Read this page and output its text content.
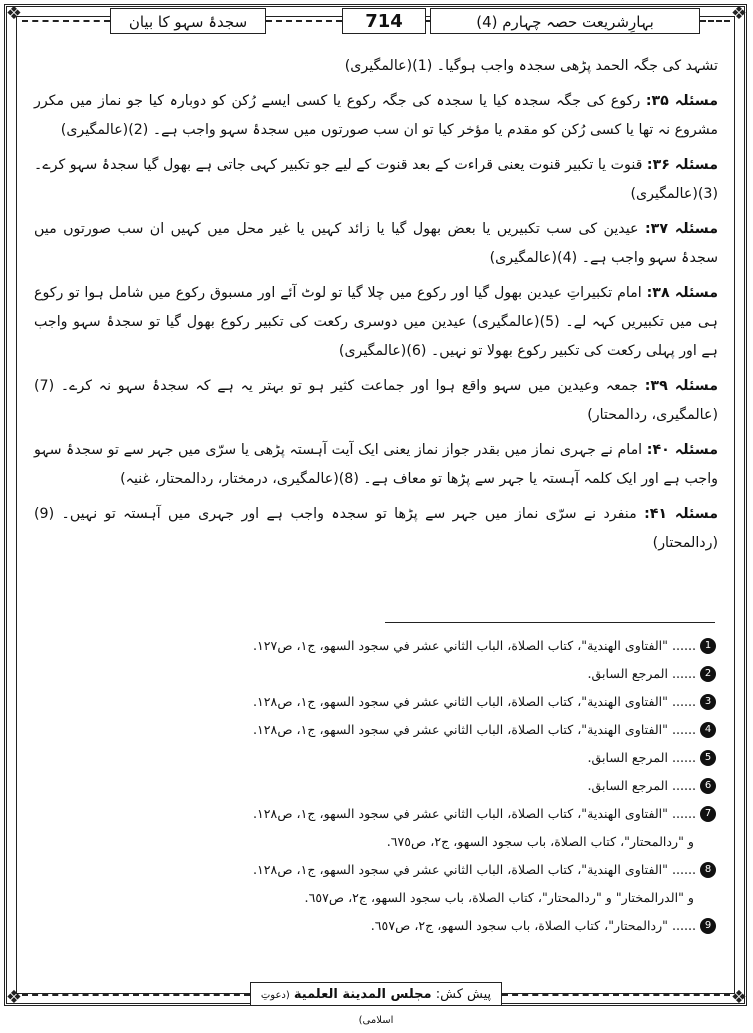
❖	❖
❖	❖
بہارِشریعت حصہ چہارم (4)
714
سجدۂ سہو کا بیان

تشہد کی جگہ الحمد پڑھی سجدہ واجب ہوگیا۔ (1)(عالمگیری)

مسئلہ ۳۵: رکوع کی جگہ سجدہ کیا یا سجدہ کی جگہ رکوع یا کسی ایسے رُکن کو دوبارہ کیا جو نماز میں مکرر مشروع نہ تھا یا کسی رُکن کو مقدم یا مؤخر کیا تو ان سب صورتوں میں سجدۂ سہو واجب ہے۔ (2)(عالمگیری)

مسئلہ ۳۶: قنوت یا تکبیر قنوت یعنی قراءت کے بعد قنوت کے لیے جو تکبیر کہی جاتی ہے بھول گیا سجدۂ سہو کرے۔ (3)(عالمگیری)

مسئلہ ۳۷: عیدین کی سب تکبیریں یا بعض بھول گیا یا زائد کہیں یا غیر محل میں کہیں ان سب صورتوں میں سجدۂ سہو واجب ہے۔ (4)(عالمگیری)

مسئلہ ۳۸: امام تکبیراتِ عیدین بھول گیا اور رکوع میں چلا گیا تو لوٹ آئے اور مسبوق رکوع میں شامل ہوا تو رکوع ہی میں تکبیریں کہہ لے۔ (5)(عالمگیری) عیدین میں دوسری رکعت کی تکبیر رکوع بھول گیا تو سجدۂ سہو واجب ہے اور پہلی رکعت کی تکبیر رکوع بھولا تو نہیں۔ (6)(عالمگیری)

مسئلہ ۳۹: جمعہ وعیدین میں سہو واقع ہوا اور جماعت کثیر ہو تو بہتر یہ ہے کہ سجدۂ سہو نہ کرے۔ (7)(عالمگیری، ردالمحتار)

مسئلہ ۴۰: امام نے جہری نماز میں بقدر جواز نماز یعنی ایک آیت آہستہ پڑھی یا سرّی میں جہر سے تو سجدۂ سہو واجب ہے اور ایک کلمہ آہستہ یا جہر سے پڑھا تو معاف ہے۔ (8)(عالمگیری، درمختار، ردالمحتار، غنیہ)

مسئلہ ۴۱: منفرد نے سرّی نماز میں جہر سے پڑھا تو سجدہ واجب ہے اور جہری میں آہستہ تو نہیں۔ (9)(ردالمحتار)

1
...... "الفتاوى الهندية"، كتاب الصلاة، الباب الثاني عشر في سجود السهو، ج١، ص١٢٧.
2
...... المرجع السابق.
3
...... "الفتاوى الهندية"، كتاب الصلاة، الباب الثاني عشر في سجود السهو، ج١، ص١٢٨.
4
...... "الفتاوى الهندية"، كتاب الصلاة، الباب الثاني عشر في سجود السهو، ج١، ص١٢٨.
5
...... المرجع السابق.
6
...... المرجع السابق.
7
...... "الفتاوى الهندية"، كتاب الصلاة، الباب الثاني عشر في سجود السهو، ج١، ص١٢٨.
و "ردالمحتار"، كتاب الصلاة، باب سجود السهو، ج٢، ص٦٧٥.
8
...... "الفتاوى الهندية"، كتاب الصلاة، الباب الثاني عشر في سجود السهو، ج١، ص١٢٨.
و "الدرالمختار" و "ردالمحتار"، كتاب الصلاة، باب سجود السهو، ج٢، ص٦٥٧.
9
...... "ردالمحتار"، كتاب الصلاة، باب سجود السهو، ج٢، ص٦٥٧.
پیش کش: مجلس المدينة العلمية (دعوتِ اسلامی)
